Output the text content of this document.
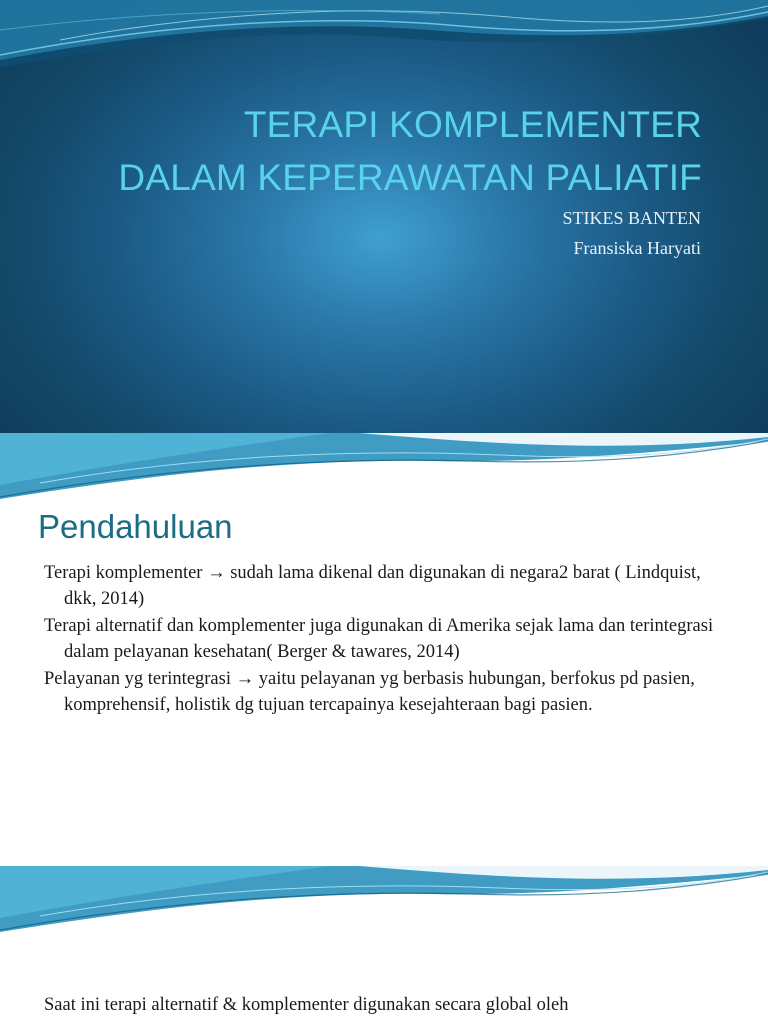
TERAPI KOMPLEMENTER
DALAM KEPERAWATAN PALIATIF
STIKES BANTEN
Fransiska Haryati
Pendahuluan
Terapi komplementer → sudah lama dikenal dan digunakan di negara2 barat ( Lindquist, dkk, 2014)
Terapi alternatif dan komplementer juga digunakan di Amerika sejak lama dan terintegrasi dalam pelayanan kesehatan( Berger & tawares, 2014)
Pelayanan yg terintegrasi → yaitu pelayanan yg berbasis hubungan, berfokus pd pasien, komprehensif, holistik dg tujuan tercapainya kesejahteraan bagi pasien.
Saat ini terapi alternatif & komplementer digunakan secara global oleh
